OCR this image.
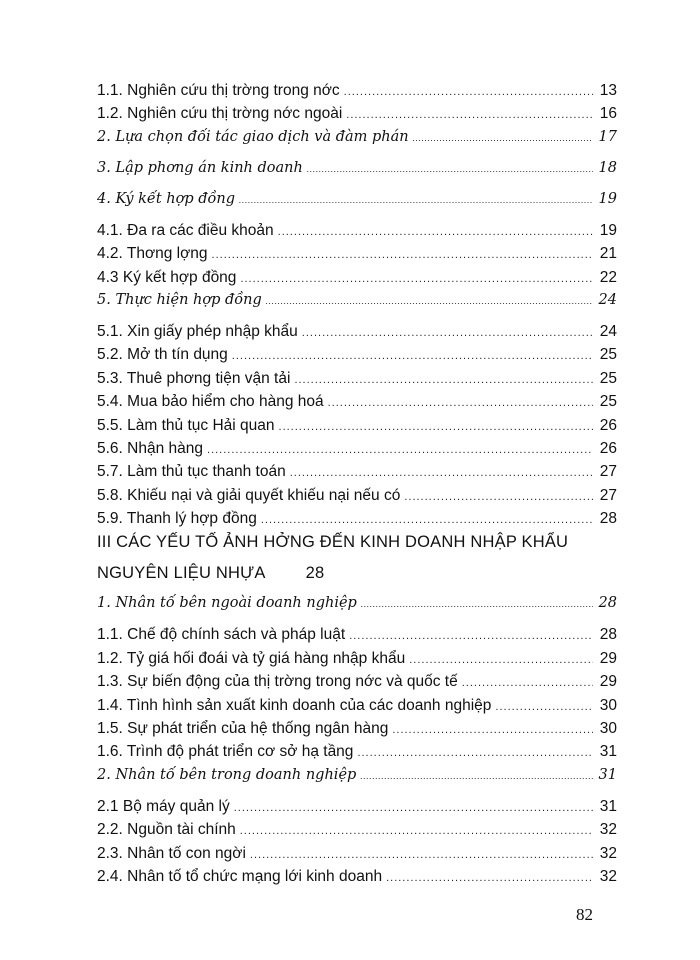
1.1. Nghiên cứu thị trờng trong nớc .....	13
1.2. Nghiên cứu thị trờng nớc ngoài .....	16
2. Lựa chọn đối tác giao dịch và đàm phán .....	17
3. Lập phơng án kinh doanh .....	18
4. Ký kết hợp đồng .....	19
4.1. Đa ra các điều khoản .....	19
4.2. Thơng lợng .....	21
4.3 Ký kết hợp đồng .....	22
5. Thực hiện hợp đồng .....	24
5.1. Xin giấy phép nhập khẩu .....	24
5.2. Mở th tín dụng .....	25
5.3. Thuê phơng tiện vận tải .....	25
5.4. Mua bảo hiểm cho hàng hoá .....	25
5.5. Làm thủ tục Hải quan .....	26
5.6. Nhận hàng .....	26
5.7. Làm thủ tục thanh toán .....	27
5.8. Khiếu nại và giải quyết khiếu nại nếu có .....	27
5.9. Thanh lý hợp đồng .....	28
III CÁC YẾU TỐ ẢNH HỞNG ĐẾN KINH DOANH NHẬP KHẨU
NGUYÊN LIỆU NHỰA 28
1. Nhân tố bên ngoài doanh nghiệp .....	28
1.1. Chế độ chính sách và pháp luật .....	28
1.2. Tỷ giá hối đoái và tỷ giá hàng nhập khẩu .....	29
1.3. Sự biến động của thị trờng trong nớc và quốc tế .....	29
1.4. Tình hình sản xuất kinh doanh của các doanh nghiệp .....	30
1.5. Sự phát triển của hệ thống ngân hàng .....	30
1.6. Trình độ phát triển cơ sở hạ tầng .....	31
2. Nhân tố bên trong doanh nghiệp .....	31
2.1 Bộ máy quản lý .....	31
2.2. Nguồn tài chính .....	32
2.3. Nhân tố con ngời .....	32
2.4. Nhân tố tổ chức mạng lới kinh doanh .....	32
82
